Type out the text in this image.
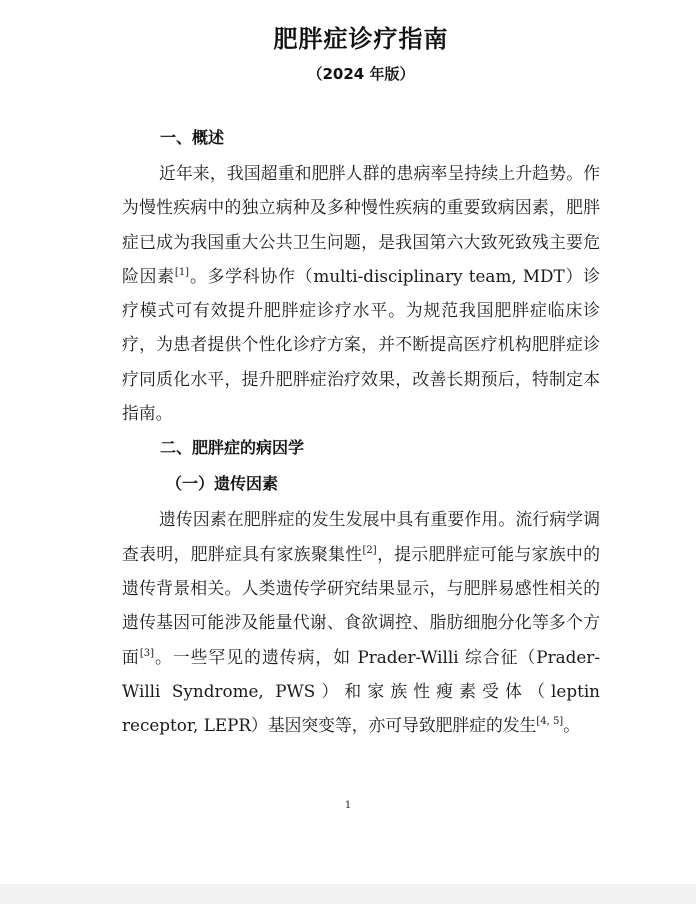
肥胖症诊疗指南

（2024 年版）

一、概述

近年来，我国超重和肥胖人群的患病率呈持续上升趋势。作为慢性疾病中的独立病种及多种慢性疾病的重要致病因素，肥胖症已成为我国重大公共卫生问题，是我国第六大致死致残主要危险因素[1]。多学科协作（multi-disciplinary team, MDT）诊疗模式可有效提升肥胖症诊疗水平。为规范我国肥胖症临床诊疗，为患者提供个性化诊疗方案，并不断提高医疗机构肥胖症诊疗同质化水平，提升肥胖症治疗效果，改善长期预后，特制定本指南。

二、肥胖症的病因学
（一）遗传因素

遗传因素在肥胖症的发生发展中具有重要作用。流行病学调查表明，肥胖症具有家族聚集性[2]，提示肥胖症可能与家族中的遗传背景相关。人类遗传学研究结果显示，与肥胖易感性相关的遗传基因可能涉及能量代谢、食欲调控、脂肪细胞分化等多个方面[3]。一些罕见的遗传病，如 Prader-Willi 综合征（Prader-Willi Syndrome, PWS）和家族性瘦素受体（leptin receptor, LEPR）基因突变等，亦可导致肥胖症的发生[4, 5]。

1
